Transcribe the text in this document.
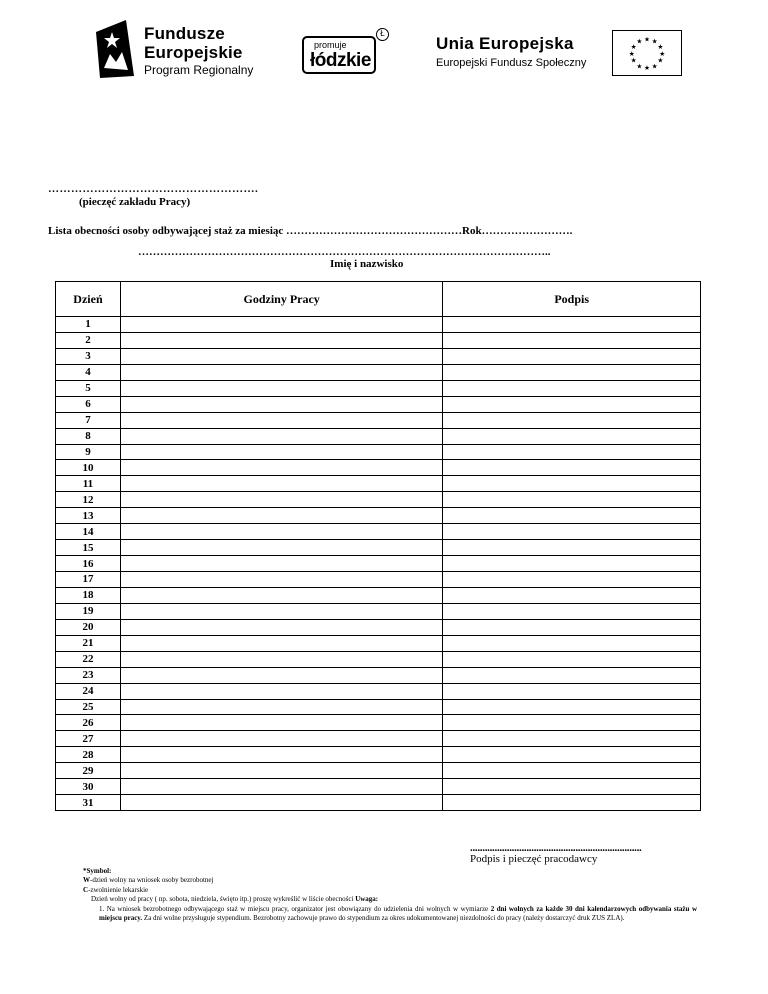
Fundusze
Europejskie
Program Regionalny
promuje
łódzkie
Ł
Unia Europejska
Europejski Fundusz Społeczny
★ ★
★
★
★
★
★
★
★
★
★
★
……………………………………………….
(pieczęć zakładu Pracy)
Lista obecności osoby odbywającej staż za miesiąc …………………………………………Rok…………………….
…………………………………………………………………………………………………..
Imię i nazwisko
Dzień	Godziny Pracy	Podpis
1		
2		
3		
4		
5		
6		
7		
8		
9		
10		
11		
12		
13		
14		
15		
16		
17		
18		
19		
20		
21		
22		
23		
24		
25		
26		
27		
28		
29		
30		
31		
......................................................................
Podpis i pieczęć pracodawcy

*Symbol:

W-dzień wolny na wniosek osoby bezrobotnej

C-zwolnienie lekarskie

Dzień wolny od pracy ( np. sobota, niedziela, święto itp.) proszę wykreślić w liście obecności Uwaga:

1. Na wniosek bezrobotnego odbywającego staż w miejscu pracy, organizator jest obowiązany do udzielenia dni wolnych w wymiarze 2 dni wolnych za każde 30 dni kalendarzowych odbywania stażu w miejscu pracy. Za dni wolne przysługuje stypendium. Bezrobotny zachowuje prawo do stypendium za okres udokumentowanej niezdolności do pracy (należy dostarczyć druk ZUS ZLA).
